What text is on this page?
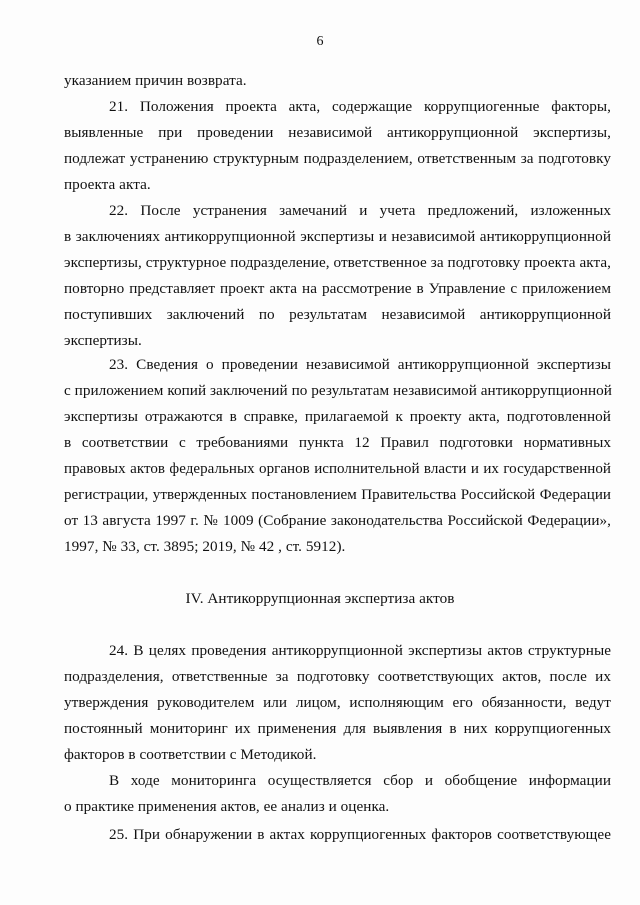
6
указанием причин возврата.
21. Положения проекта акта, содержащие коррупциогенные факторы,
выявленные при проведении независимой антикоррупционной экспертизы,
подлежат устранению структурным подразделением, ответственным за подготовку
проекта акта.
22. После устранения замечаний и учета предложений, изложенных
в заключениях антикоррупционной экспертизы и независимой антикоррупционной
экспертизы, структурное подразделение, ответственное за подготовку проекта акта,
повторно представляет проект акта на рассмотрение в Управление с приложением
поступивших заключений по результатам независимой антикоррупционной
экспертизы.
23. Сведения о проведении независимой антикоррупционной экспертизы
с приложением копий заключений по результатам независимой антикоррупционной
экспертизы отражаются в справке, прилагаемой к проекту акта, подготовленной
в соответствии с требованиями пункта 12 Правил подготовки нормативных
правовых актов федеральных органов исполнительной власти и их государственной
регистрации, утвержденных постановлением Правительства Российской Федерации
от 13 августа 1997 г. № 1009 (Собрание законодательства Российской Федерации»,
1997, № 33, ст. 3895; 2019, № 42 , ст. 5912).
IV. Антикоррупционная экспертиза актов
24. В целях проведения антикоррупционной экспертизы актов структурные
подразделения, ответственные за подготовку соответствующих актов, после их
утверждения руководителем или лицом, исполняющим его обязанности, ведут
постоянный мониторинг их применения для выявления в них коррупциогенных
факторов в соответствии с Методикой.
В ходе мониторинга осуществляется сбор и обобщение информации
о практике применения актов, ее анализ и оценка.
25. При обнаружении в актах коррупциогенных факторов соответствующее
